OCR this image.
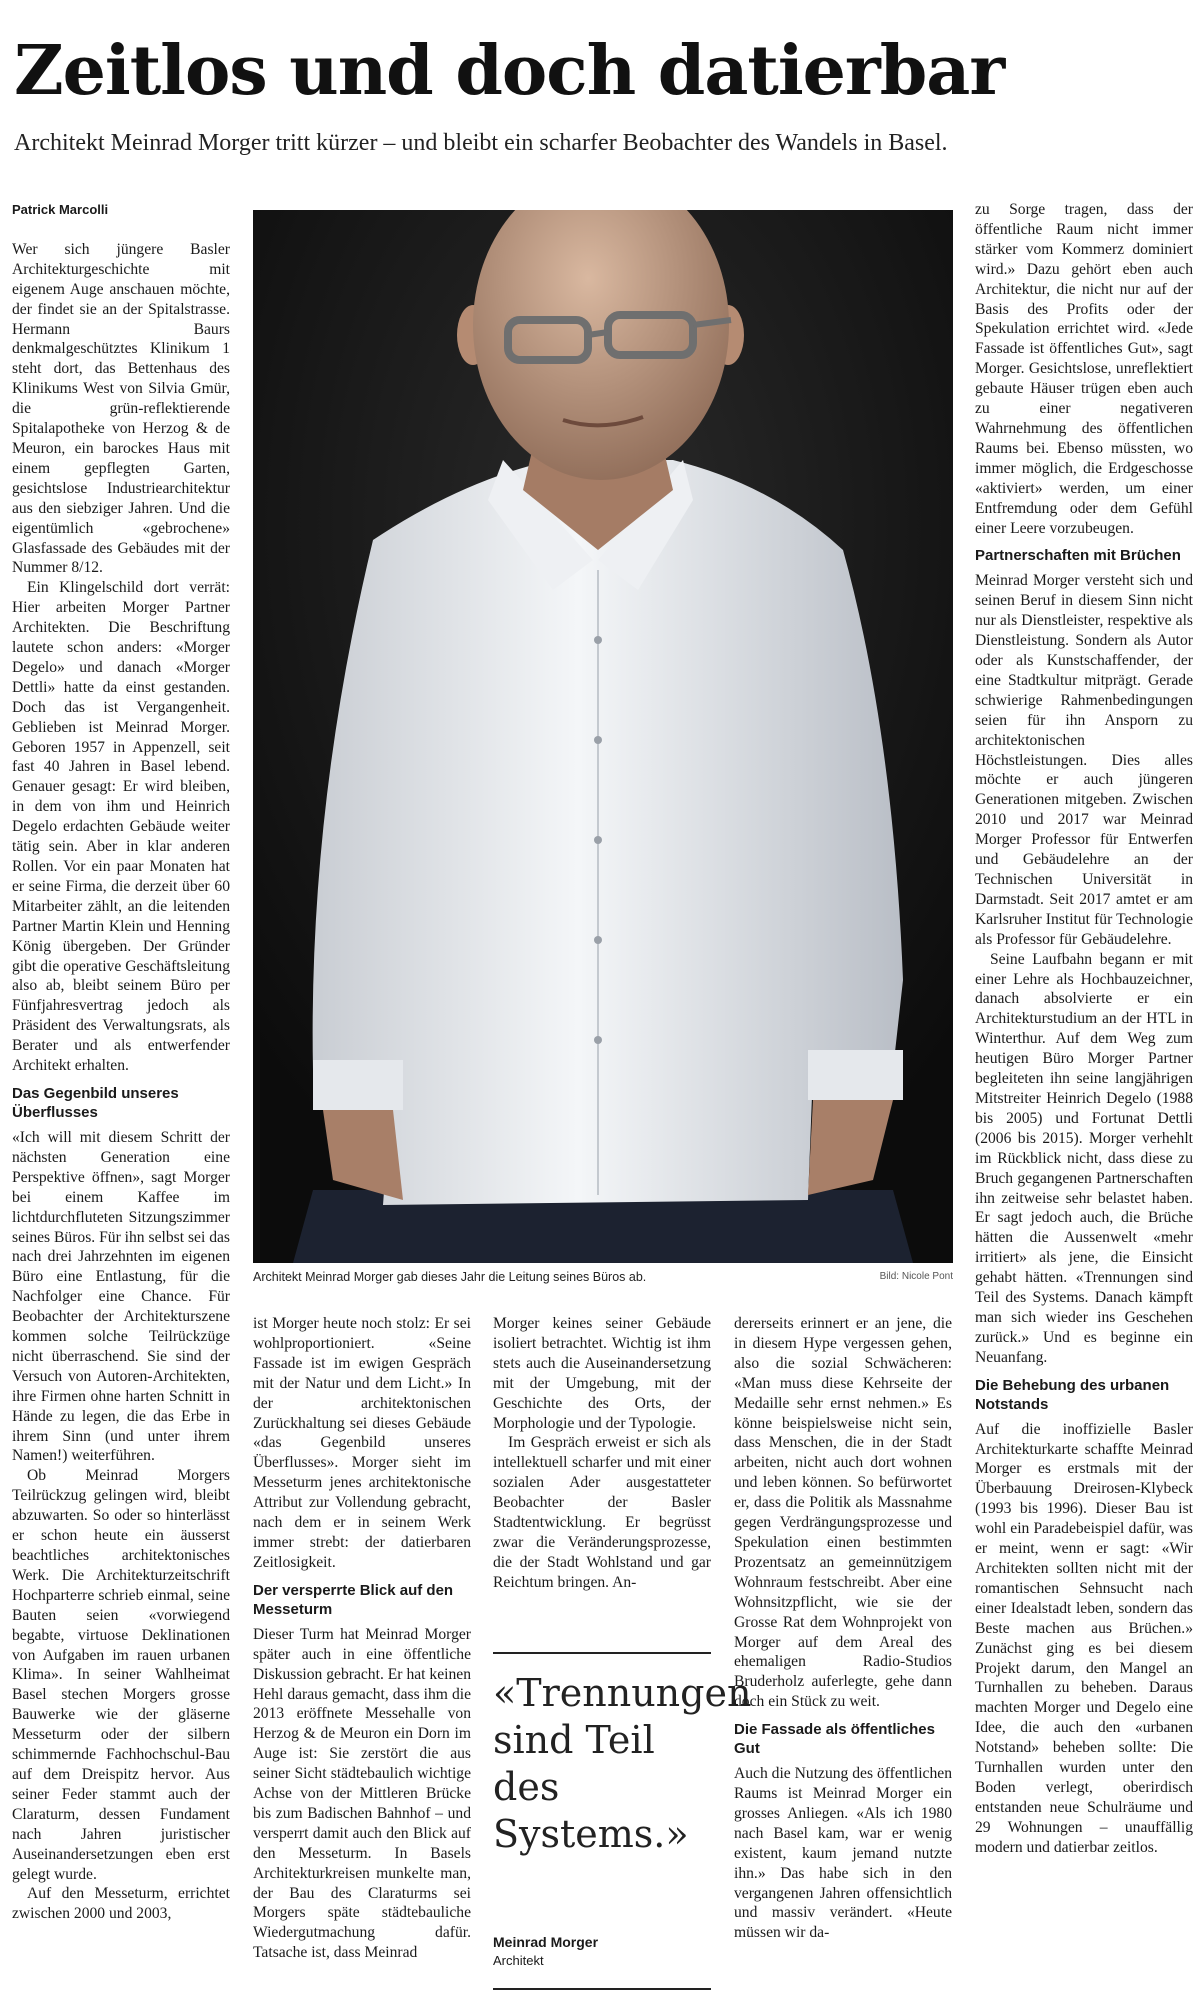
Zeitlos und doch datierbar

Architekt Meinrad Morger tritt kürzer – und bleibt ein scharfer Beobachter des Wandels in Basel.

Patrick Marcolli

Wer sich jüngere Basler Architekturgeschichte mit eigenem Auge anschauen möchte, der findet sie an der Spitalstrasse. Hermann Baurs denkmalgeschütztes Klinikum 1 steht dort, das Bettenhaus des Klinikums West von Silvia Gmür, die grün-reflektierende Spitalapotheke von Herzog & de Meuron, ein barockes Haus mit einem gepflegten Garten, gesichtslose Industriearchitektur aus den siebziger Jahren. Und die eigentümlich «gebrochene» Glasfassade des Gebäudes mit der Nummer 8/12.

Ein Klingelschild dort verrät: Hier arbeiten Morger Partner Architekten. Die Beschriftung lautete schon anders: «Morger Degelo» und danach «Morger Dettli» hatte da einst gestanden. Doch das ist Vergangenheit. Geblieben ist Meinrad Morger. Geboren 1957 in Appenzell, seit fast 40 Jahren in Basel lebend. Genauer gesagt: Er wird bleiben, in dem von ihm und Heinrich Degelo erdachten Gebäude weiter tätig sein. Aber in klar anderen Rollen. Vor ein paar Monaten hat er seine Firma, die derzeit über 60 Mitarbeiter zählt, an die leitenden Partner Martin Klein und Henning König übergeben. Der Gründer gibt die operative Geschäftsleitung also ab, bleibt seinem Büro per Fünfjahresvertrag jedoch als Präsident des Verwaltungsrats, als Berater und als entwerfender Architekt erhalten.

Das Gegenbild unseres Überflusses

«Ich will mit diesem Schritt der nächsten Generation eine Perspektive öffnen», sagt Morger bei einem Kaffee im lichtdurchfluteten Sitzungszimmer seines Büros. Für ihn selbst sei das nach drei Jahrzehnten im eigenen Büro eine Entlastung, für die Nachfolger eine Chance. Für Beobachter der Architekturszene kommen solche Teilrückzüge nicht überraschend. Sie sind der Versuch von Autoren-Architekten, ihre Firmen ohne harten Schnitt in Hände zu legen, die das Erbe in ihrem Sinn (und unter ihrem Namen!) weiterführen.

Ob Meinrad Morgers Teilrückzug gelingen wird, bleibt abzuwarten. So oder so hinterlässt er schon heute ein äusserst beachtliches architektonisches Werk. Die Architekturzeitschrift Hochparterre schrieb einmal, seine Bauten seien «vorwiegend begabte, virtuose Deklinationen von Aufgaben im rauen urbanen Klima». In seiner Wahlheimat Basel stechen Morgers grosse Bauwerke wie der gläserne Messeturm oder der silbern schimmernde Fachhochschul-Bau auf dem Dreispitz hervor. Aus seiner Feder stammt auch der Claraturm, dessen Fundament nach Jahren juristischer Auseinandersetzungen eben erst gelegt wurde.

Auf den Messeturm, errichtet zwischen 2000 und 2003,

Architekt Meinrad Morger gab dieses Jahr die Leitung seines Büros ab.	Bild: Nicole Pont

ist Morger heute noch stolz: Er sei wohlproportioniert. «Seine Fassade ist im ewigen Gespräch mit der Natur und dem Licht.» In der architektonischen Zurückhaltung sei dieses Gebäude «das Gegenbild unseres Überflusses». Morger sieht im Messeturm jenes architektonische Attribut zur Vollendung gebracht, nach dem er in seinem Werk immer strebt: der datierbaren Zeitlosigkeit.

Der versperrte Blick auf den Messeturm

Dieser Turm hat Meinrad Morger später auch in eine öffentliche Diskussion gebracht. Er hat keinen Hehl daraus gemacht, dass ihm die 2013 eröffnete Messehalle von Herzog & de Meuron ein Dorn im Auge ist: Sie zerstört die aus seiner Sicht städtebaulich wichtige Achse von der Mittleren Brücke bis zum Badischen Bahnhof – und versperrt damit auch den Blick auf den Messeturm. In Basels Architekturkreisen munkelte man, der Bau des Claraturms sei Morgers späte städtebauliche Wiedergutmachung dafür. Tatsache ist, dass Meinrad

Morger keines seiner Gebäude isoliert betrachtet. Wichtig ist ihm stets auch die Auseinandersetzung mit der Umgebung, mit der Geschichte des Orts, der Morphologie und der Typologie.

Im Gespräch erweist er sich als intellektuell scharfer und mit einer sozialen Ader ausgestatteter Beobachter der Basler Stadtentwicklung. Er begrüsst zwar die Veränderungsprozesse, die der Stadt Wohlstand und gar Reichtum bringen. An-

«Trennungen sind Teil des Systems.»
Meinrad Morger
Architekt

dererseits erinnert er an jene, die in diesem Hype vergessen gehen, also die sozial Schwächeren: «Man muss diese Kehrseite der Medaille sehr ernst nehmen.» Es könne beispielsweise nicht sein, dass Menschen, die in der Stadt arbeiten, nicht auch dort wohnen und leben können. So befürwortet er, dass die Politik als Massnahme gegen Verdrängungsprozesse und Spekulation einen bestimmten Prozentsatz an gemeinnützigem Wohnraum festschreibt. Aber eine Wohnsitzpflicht, wie sie der Grosse Rat dem Wohnprojekt von Morger auf dem Areal des ehemaligen Radio-Studios Bruderholz auferlegte, gehe dann doch ein Stück zu weit.

Die Fassade als öffentliches Gut

Auch die Nutzung des öffentlichen Raums ist Meinrad Morger ein grosses Anliegen. «Als ich 1980 nach Basel kam, war er wenig existent, kaum jemand nutzte ihn.» Das habe sich in den vergangenen Jahren offensichtlich und massiv verändert. «Heute müssen wir da-

zu Sorge tragen, dass der öffentliche Raum nicht immer stärker vom Kommerz dominiert wird.» Dazu gehört eben auch Architektur, die nicht nur auf der Basis des Profits oder der Spekulation errichtet wird. «Jede Fassade ist öffentliches Gut», sagt Morger. Gesichtslose, unreflektiert gebaute Häuser trügen eben auch zu einer negativeren Wahrnehmung des öffentlichen Raums bei. Ebenso müssten, wo immer möglich, die Erdgeschosse «aktiviert» werden, um einer Entfremdung oder dem Gefühl einer Leere vorzubeugen.

Partnerschaften mit Brüchen

Meinrad Morger versteht sich und seinen Beruf in diesem Sinn nicht nur als Dienstleister, respektive als Dienstleistung. Sondern als Autor oder als Kunstschaffender, der eine Stadtkultur mitprägt. Gerade schwierige Rahmenbedingungen seien für ihn Ansporn zu architektonischen Höchstleistungen. Dies alles möchte er auch jüngeren Generationen mitgeben. Zwischen 2010 und 2017 war Meinrad Morger Professor für Entwerfen und Gebäudelehre an der Technischen Universität in Darmstadt. Seit 2017 amtet er am Karlsruher Institut für Technologie als Professor für Gebäudelehre.

Seine Laufbahn begann er mit einer Lehre als Hochbauzeichner, danach absolvierte er ein Architekturstudium an der HTL in Winterthur. Auf dem Weg zum heutigen Büro Morger Partner begleiteten ihn seine langjährigen Mitstreiter Heinrich Degelo (1988 bis 2005) und Fortunat Dettli (2006 bis 2015). Morger verhehlt im Rückblick nicht, dass diese zu Bruch gegangenen Partnerschaften ihn zeitweise sehr belastet haben. Er sagt jedoch auch, die Brüche hätten die Aussenwelt «mehr irritiert» als jene, die Einsicht gehabt hätten. «Trennungen sind Teil des Systems. Danach kämpft man sich wieder ins Geschehen zurück.» Und es beginne ein Neuanfang.

Die Behebung des urbanen Notstands

Auf die inoffizielle Basler Architekturkarte schaffte Meinrad Morger es erstmals mit der Überbauung Dreirosen-Klybeck (1993 bis 1996). Dieser Bau ist wohl ein Paradebeispiel dafür, was er meint, wenn er sagt: «Wir Architekten sollten nicht mit der romantischen Sehnsucht nach einer Idealstadt leben, sondern das Beste machen aus Brüchen.» Zunächst ging es bei diesem Projekt darum, den Mangel an Turnhallen zu beheben. Daraus machten Morger und Degelo eine Idee, die auch den «urbanen Notstand» beheben sollte: Die Turnhallen wurden unter den Boden verlegt, oberirdisch entstanden neue Schulräume und 29 Wohnungen – unauffällig modern und datierbar zeitlos.
